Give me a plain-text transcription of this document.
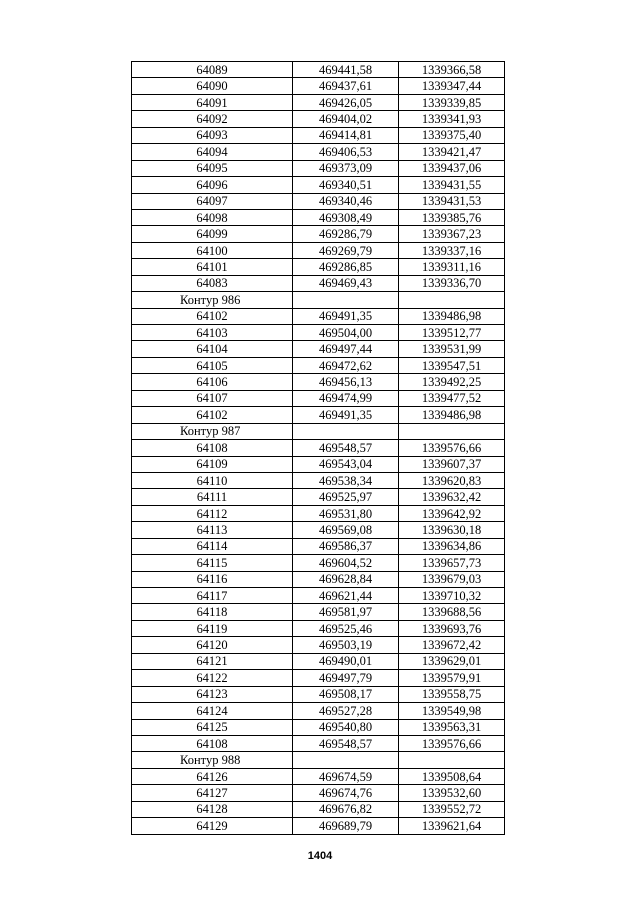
64089	469441,58	1339366,58
64090	469437,61	1339347,44
64091	469426,05	1339339,85
64092	469404,02	1339341,93
64093	469414,81	1339375,40
64094	469406,53	1339421,47
64095	469373,09	1339437,06
64096	469340,51	1339431,55
64097	469340,46	1339431,53
64098	469308,49	1339385,76
64099	469286,79	1339367,23
64100	469269,79	1339337,16
64101	469286,85	1339311,16
64083	469469,43	1339336,70
Контур 986		
64102	469491,35	1339486,98
64103	469504,00	1339512,77
64104	469497,44	1339531,99
64105	469472,62	1339547,51
64106	469456,13	1339492,25
64107	469474,99	1339477,52
64102	469491,35	1339486,98
Контур 987		
64108	469548,57	1339576,66
64109	469543,04	1339607,37
64110	469538,34	1339620,83
64111	469525,97	1339632,42
64112	469531,80	1339642,92
64113	469569,08	1339630,18
64114	469586,37	1339634,86
64115	469604,52	1339657,73
64116	469628,84	1339679,03
64117	469621,44	1339710,32
64118	469581,97	1339688,56
64119	469525,46	1339693,76
64120	469503,19	1339672,42
64121	469490,01	1339629,01
64122	469497,79	1339579,91
64123	469508,17	1339558,75
64124	469527,28	1339549,98
64125	469540,80	1339563,31
64108	469548,57	1339576,66
Контур 988		
64126	469674,59	1339508,64
64127	469674,76	1339532,60
64128	469676,82	1339552,72
64129	469689,79	1339621,64
1404
